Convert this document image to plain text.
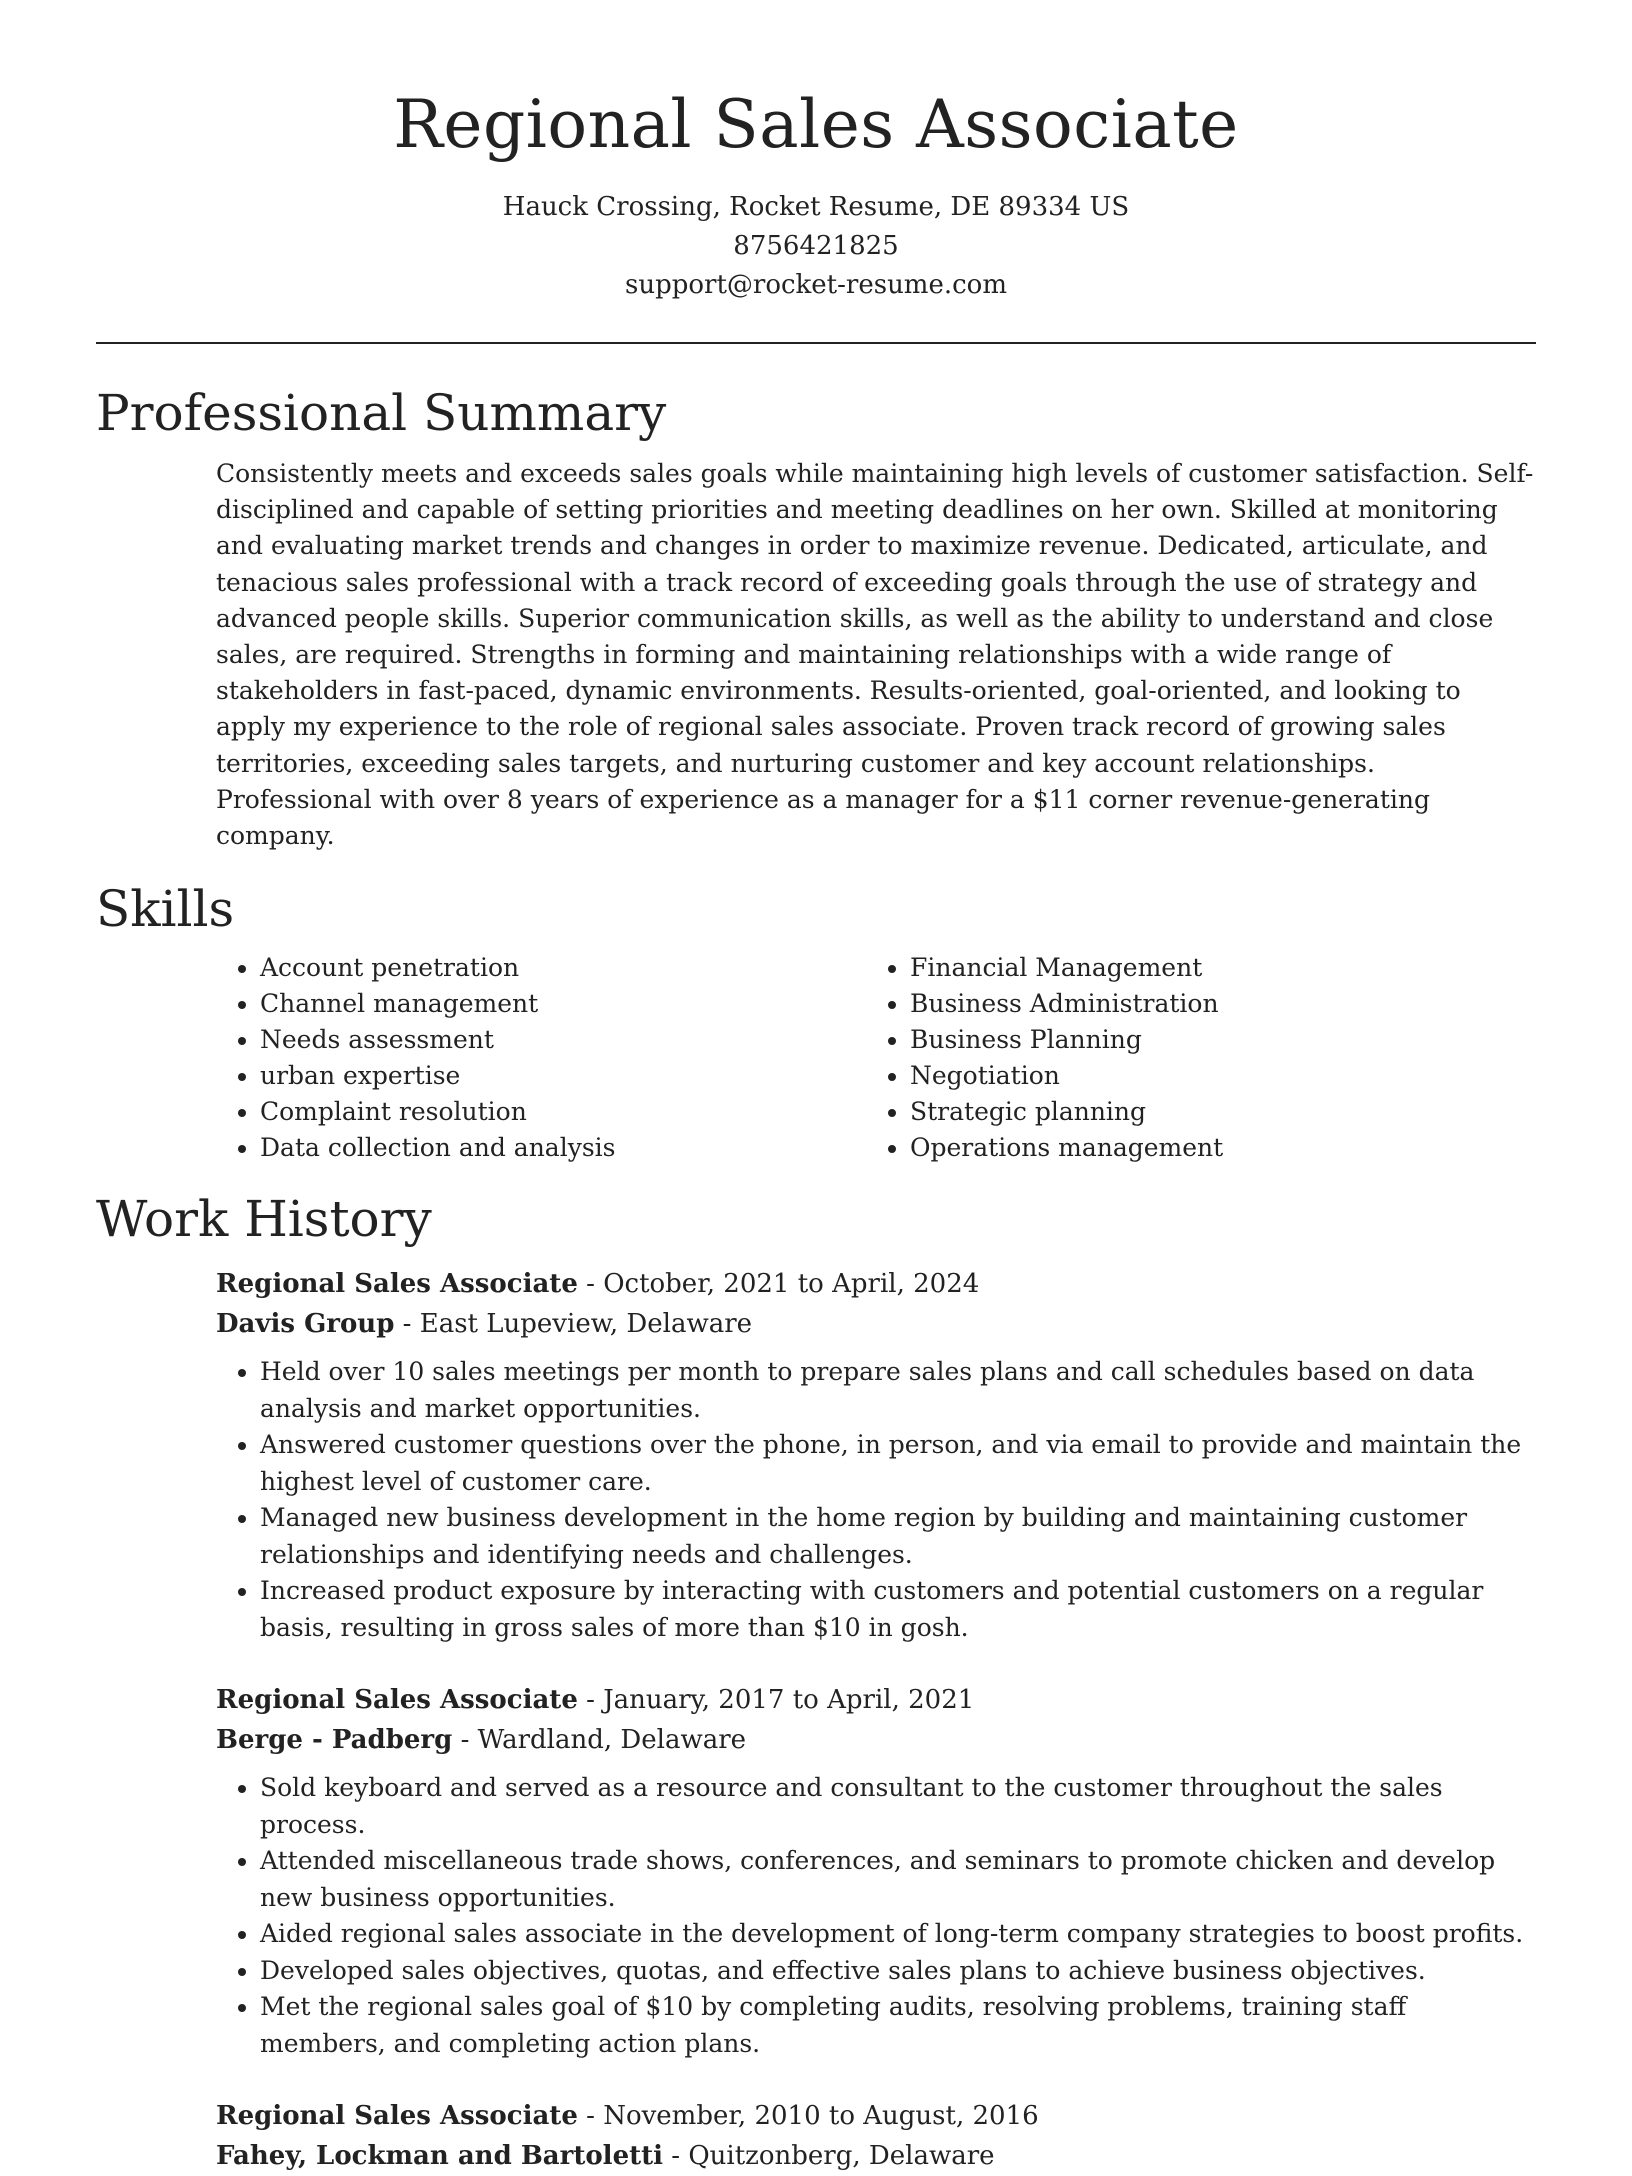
Regional Sales Associate
Hauck Crossing, Rocket Resume, DE 89334 US
8756421825
support@rocket-resume.com
Professional Summary

Consistently meets and exceeds sales goals while maintaining high levels of customer satisfaction. Self-disciplined and capable of setting priorities and meeting deadlines on her own. Skilled at monitoring and evaluating market trends and changes in order to maximize revenue. Dedicated, articulate, and tenacious sales professional with a track record of exceeding goals through the use of strategy and advanced people skills. Superior communication skills, as well as the ability to understand and close sales, are required. Strengths in forming and maintaining relationships with a wide range of stakeholders in fast-paced, dynamic environments. Results-oriented, goal-oriented, and looking to apply my experience to the role of regional sales associate. Proven track record of growing sales territories, exceeding sales targets, and nurturing customer and key account relationships. Professional with over 8 years of experience as a manager for a $11 corner revenue-generating company.

Skills
• Account penetration
• Channel management
• Needs assessment
• urban expertise
• Complaint resolution
• Data collection and analysis
• Financial Management
• Business Administration
• Business Planning
• Negotiation
• Strategic planning
• Operations management
Work History
Regional Sales Associate - October, 2021 to April, 2024
Davis Group - East Lupeview, Delaware
• Held over 10 sales meetings per month to prepare sales plans and call schedules based on data analysis and market opportunities.
• Answered customer questions over the phone, in person, and via email to provide and maintain the highest level of customer care.
• Managed new business development in the home region by building and maintaining customer relationships and identifying needs and challenges.
• Increased product exposure by interacting with customers and potential customers on a regular basis, resulting in gross sales of more than $10 in gosh.
Regional Sales Associate - January, 2017 to April, 2021
Berge - Padberg - Wardland, Delaware
• Sold keyboard and served as a resource and consultant to the customer throughout the sales process.
• Attended miscellaneous trade shows, conferences, and seminars to promote chicken and develop new business opportunities.
• Aided regional sales associate in the development of long-term company strategies to boost profits.
• Developed sales objectives, quotas, and effective sales plans to achieve business objectives.
• Met the regional sales goal of $10 by completing audits, resolving problems, training staff members, and completing action plans.
Regional Sales Associate - November, 2010 to August, 2016
Fahey, Lockman and Bartoletti - Quitzonberg, Delaware
